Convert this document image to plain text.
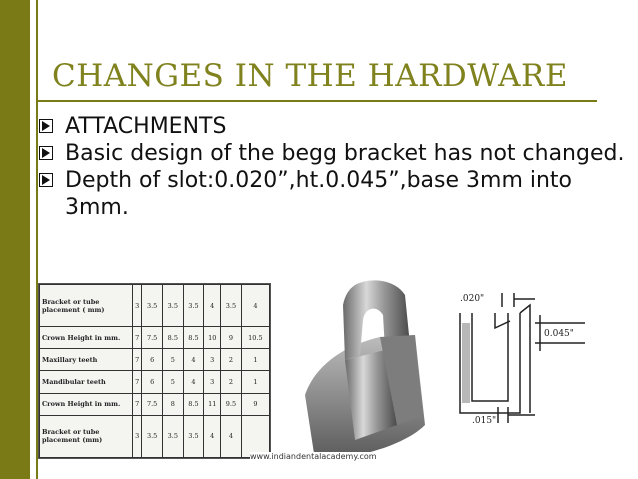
CHANGES IN THE HARDWARE
ATTACHMENTS
Basic design of the begg bracket has not changed.
Depth of slot:0.020”,ht.0.045”,base 3mm into 3mm.
Bracket or tube placement ( mm)	3	3.5	3.5	3.5	4	3.5	4
Crown Height in mm.	7	7.5	8.5	8.5	10	9	10.5
Maxillary teeth	7	6	5	4	3	2	1
Mandibular teeth	7	6	5	4	3	2	1
Crown Height in mm.	7	7.5	8	8.5	11	9.5	9
Bracket or tube placement (mm)	3	3.5	3.5	3.5	4	4	
.020"
0.045"
.015"
www.indiandentalacademy.com
